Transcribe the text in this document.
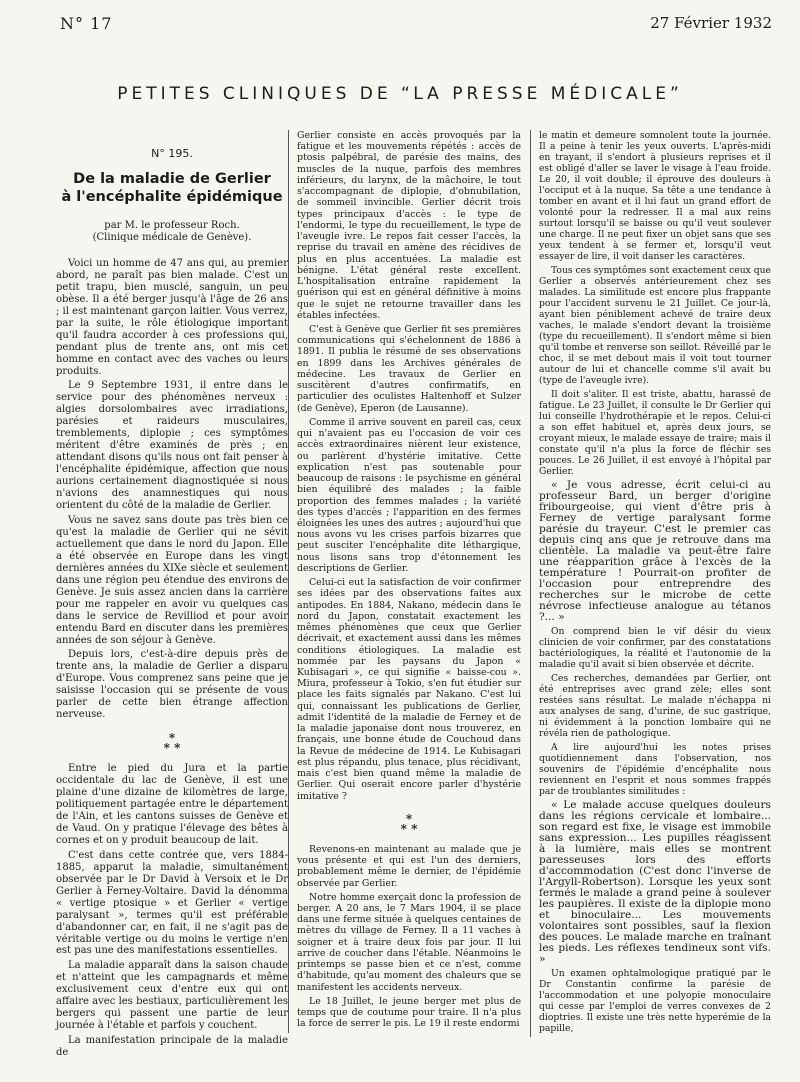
N° 17	27 Février 1932
PETITES CLINIQUES DE “LA PRESSE MÉDICALE”
N° 195.
De la maladie de Gerlier
à l'encéphalite épidémique
par M. le professeur Roch.
(Clinique médicale de Genève).

Voici un homme de 47 ans qui, au premier abord, ne paraît pas bien malade. C'est un petit trapu, bien musclé, sanguin, un peu obèse. Il a été berger jusqu'à l'âge de 26 ans ; il est maintenant garçon laitier. Vous verrez, par la suite, le rôle étiologique important qu'il faudra accorder à ces professions qui, pendant plus de trente ans, ont mis cet homme en contact avec des vaches ou leurs produits.

Le 9 Septembre 1931, il entre dans le service pour des phénomènes nerveux : algies dorsolombaires avec irradiations, parésies et raideurs musculaires, tremblements, diplopie ; ces symptômes méritent d'être examinés de près ; en attendant disons qu'ils nous ont fait penser à l'encéphalite épidémique, affection que nous aurions certainement diagnostiquée si nous n'avions des anamnestiques qui nous orientent du côté de la maladie de Gerlier.

Vous ne savez sans doute pas très bien ce qu'est la maladie de Gerlier qui ne sévit actuellement que dans le nord du Japon. Elle a été observée en Europe dans les vingt dernières années du XIXe siècle et seulement dans une région peu étendue des environs de Genève. Je suis assez ancien dans la carrière pour me rappeler en avoir vu quelques cas dans le service de Revilliod et pour avoir entendu Bard en discuter dans les premières années de son séjour à Genève.

Depuis lors, c'est-à-dire depuis près de trente ans, la maladie de Gerlier a disparu d'Europe. Vous comprenez sans peine que je saisisse l'occasion qui se présente de vous parler de cette bien étrange affection nerveuse.

*
* *

Entre le pied du Jura et la partie occidentale du lac de Genève, il est une plaine d'une dizaine de kilomètres de large, politiquement partagée entre le département de l'Ain, et les cantons suisses de Genève et de Vaud. On y pratique l'élevage des bêtes à cornes et on y produit beaucoup de lait.

C'est dans cette contrée que, vers 1884-1885, apparut la maladie, simultanément observée par le Dr David à Versoix et le Dr Gerlier à Ferney-Voltaire. David la dénomma « vertige ptosique » et Gerlier « vertige paralysant », termes qu'il est préférable d'abandonner car, en fait, il ne s'agit pas de véritable vertige ou du moins le vertige n'en est pas une des manifestations essentielles.

La maladie apparaît dans la saison chaude et n'atteint que les campagnards et même exclusivement ceux d'entre eux qui ont affaire avec les bestiaux, particulièrement les bergers qui passent une partie de leur journée à l'étable et parfois y couchent.

La manifestation principale de la maladie de

Gerlier consiste en accès provoqués par la fatigue et les mouvements répétés : accès de ptosis palpébral, de parésie des mains, des muscles de la nuque, parfois des membres inférieurs, du larynx, de la mâchoire, le tout s'accompagnant de diplopie, d'obnubilation, de sommeil invincible. Gerlier décrit trois types principaux d'accès : le type de l'endormi, le type du recueillement, le type de l'aveugle ivre. Le repos fait cesser l'accès, la reprise du travail en amène des récidives de plus en plus accentuées. La maladie est bénigne. L'état général reste excellent. L'hospitalisation entraîne rapidement la guérison qui est en général définitive à moins que le sujet ne retourne travailler dans les étables infectées.

C'est à Genève que Gerlier fit ses premières communications qui s'échelonnent de 1886 à 1891. Il publia le résumé de ses observations en 1899 dans les Archives générales de médecine. Les travaux de Gerlier en suscitèrent d'autres confirmatifs, en particulier des oculistes Haltenhoff et Sulzer (de Genève), Eperon (de Lausanne).

Comme il arrive souvent en pareil cas, ceux qui n'avaient pas eu l'occasion de voir ces accès extraordinaires nièrent leur existence, ou parlèrent d'hystérie imitative. Cette explication n'est pas soutenable pour beaucoup de raisons : le psychisme en général bien équilibré des malades ; la faible proportion des femmes malades ; la variété des types d'accès ; l'apparition en des fermes éloignées les unes des autres ; aujourd'hui que nous avons vu les crises parfois bizarres que peut susciter l'encéphalite dite léthargique, nous lisons sans trop d'étonnement les descriptions de Gerlier.

Celui-ci eut la satisfaction de voir confirmer ses idées par des observations faites aux antipodes. En 1884, Nakano, médecin dans le nord du Japon, constatait exactement les mêmes phénomènes que ceux que Gerlier décrivait, et exactement aussi dans les mêmes conditions étiologiques. La maladie est nommée par les paysans du Japon « Kubisagari », ce qui signifie « baisse-cou ». Miura, professeur à Tokio, s'en fut étudier sur place les faits signalés par Nakano. C'est lui qui, connaissant les publications de Gerlier, admit l'identité de la maladie de Ferney et de la maladie japonaise dont nous trouverez, en français, une bonne étude de Couchoud dans la Revue de médecine de 1914. Le Kubisagari est plus répandu, plus tenace, plus récidivant, mais c'est bien quand même la maladie de Gerlier. Qui oserait encore parler d'hystérie imitative ?

*
* *

Revenons-en maintenant au malade que je vous présente et qui est l'un des derniers, probablement même le dernier, de l'épidémie observée par Gerlier.

Notre homme exerçait donc la profession de berger. A 20 ans, le 7 Mars 1904, il se place dans une ferme située à quelques centaines de mètres du village de Ferney. Il a 11 vaches à soigner et à traire deux fois par jour. Il lui arrive de coucher dans l'étable. Néanmoins le printemps se passe bien et ce n'est, comme d'habitude, qu'au moment des chaleurs que se manifestent les accidents nerveux.

Le 18 Juillet, le jeune berger met plus de temps que de coutume pour traire. Il n'a plus la force de serrer le pis. Le 19 il reste endormi

le matin et demeure somnolent toute la journée. Il a peine à tenir les yeux ouverts. L'après-midi en trayant, il s'endort à plusieurs reprises et il est obligé d'aller se laver le visage à l'eau froide. Le 20, il voit double; il éprouve des douleurs à l'occiput et à la nuque. Sa tête a une tendance à tomber en avant et il lui faut un grand effort de volonté pour la redresser. Il a mal aux reins surtout lorsqu'il se baisse ou qu'il veut soulever une charge. Il ne peut fixer un objet sans que ses yeux tendent à se fermer et, lorsqu'il veut essayer de lire, il voit danser les caractères.

Tous ces symptômes sont exactement ceux que Gerlier a observés antérieurement chez ses malades. La similitude est encore plus frappante pour l'accident survenu le 21 Juillet. Ce jour-là, ayant bien péniblement achevé de traire deux vaches, le malade s'endort devant la troisième (type du recueillement). Il s'endort même si bien qu'il tombe et renverse son seillot. Réveillé par le choc, il se met debout mais il voit tout tourner autour de lui et chancelle comme s'il avait bu (type de l'aveugle ivre).

Il doit s'aliter. Il est triste, abattu, harassé de fatigue. Le 23 Juillet, il consulte le Dr Gerlier qui lui conseille l'hydrothérapie et le repos. Celui-ci a son effet habituel et, après deux jours, se croyant mieux, le malade essaye de traire; mais il constate qu'il n'a plus la force de fléchir ses pouces. Le 26 Juillet, il est envoyé à l'hôpital par Gerlier.

« Je vous adresse, écrit celui-ci au professeur Bard, un berger d'origine fribourgeoise, qui vient d'être pris à Ferney de vertige paralysant forme parésie du trayeur. C'est le premier cas depuis cinq ans que je retrouve dans ma clientèle. La maladie va peut-être faire une réapparition grâce à l'excès de la température ! Pourrait-on profiter de l'occasion pour entreprendre des recherches sur le microbe de cette névrose infectieuse analogue au tétanos ?... »

On comprend bien le vif désir du vieux clinicien de voir confirmer, par des constatations bactériologiques, la réalité et l'autonomie de la maladie qu'il avait si bien observée et décrite.

Ces recherches, demandées par Gerlier, ont été entreprises avec grand zèle; elles sont restées sans résultat. Le malade n'échappa ni aux analyses de sang, d'urine, de suc gastrique, ni évidemment à la ponction lombaire qui ne révéla rien de pathologique.

A lire aujourd'hui les notes prises quotidiennement dans l'observation, nos souvenirs de l'épidémie d'encéphalite nous reviennent en l'esprit et nous sommes frappés par de troublantes similitudes :

« Le malade accuse quelques douleurs dans les régions cervicale et lombaire... son regard est fixe, le visage est immobile sans expression... Les pupilles réagissent à la lumière, mais elles se montrent paresseuses lors des efforts d'accommodation (C'est donc l'inverse de l'Argyll-Robertson). Lorsque les yeux sont fermés le malade a grand peine à soulever les paupières. Il existe de la diplopie mono et binoculaire... Les mouvements volontaires sont possibles, sauf la flexion des pouces. Le malade marche en traînant les pieds. Les réflexes tendineux sont vifs. »

Un examen ophtalmologique pratiqué par le Dr Constantin confirme la parésie de l'accommodation et une polyopie monoculaire qui cesse par l'emploi de verres convexes de 2 dioptries. Il existe une très nette hyperémie de la papille,
